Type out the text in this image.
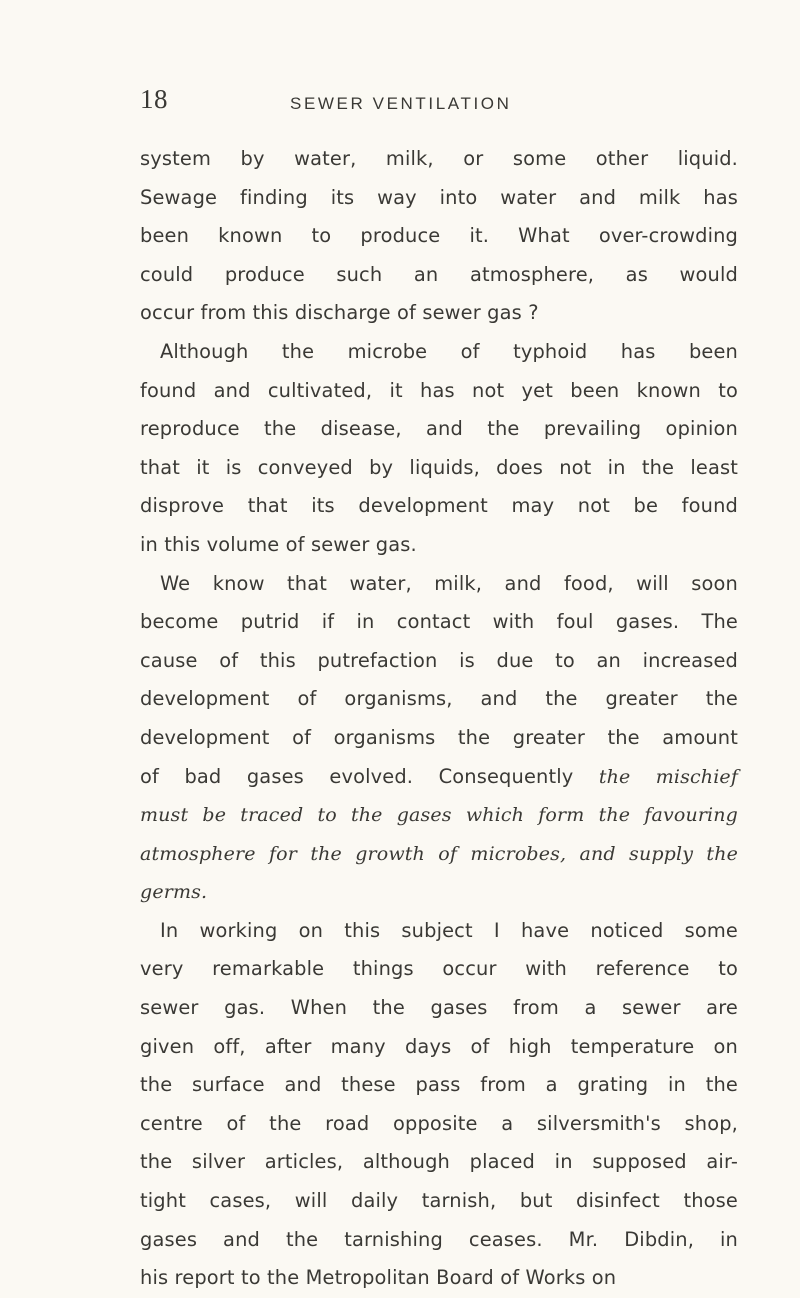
18	SEWER VENTILATION
system by water, milk, or some other liquid.
Sewage finding its way into water and milk has
been known to produce it. What over-crowding
could produce such an atmosphere, as would
occur from this discharge of sewer gas ?
Although the microbe of typhoid has been
found and cultivated, it has not yet been known to
reproduce the disease, and the prevailing opinion
that it is conveyed by liquids, does not in the least
disprove that its development may not be found
in this volume of sewer gas.
We know that water, milk, and food, will soon
become putrid if in contact with foul gases. The
cause of this putrefaction is due to an increased
development of organisms, and the greater the
development of organisms the greater the amount
of bad gases evolved. Consequently the mischief
must be traced to the gases which form the favouring
atmosphere for the growth of microbes, and supply the
germs.
In working on this subject I have noticed some
very remarkable things occur with reference to
sewer gas. When the gases from a sewer are
given off, after many days of high temperature on
the surface and these pass from a grating in the
centre of the road opposite a silversmith's shop,
the silver articles, although placed in supposed air-
tight cases, will daily tarnish, but disinfect those
gases and the tarnishing ceases. Mr. Dibdin, in
his report to the Metropolitan Board of Works on
